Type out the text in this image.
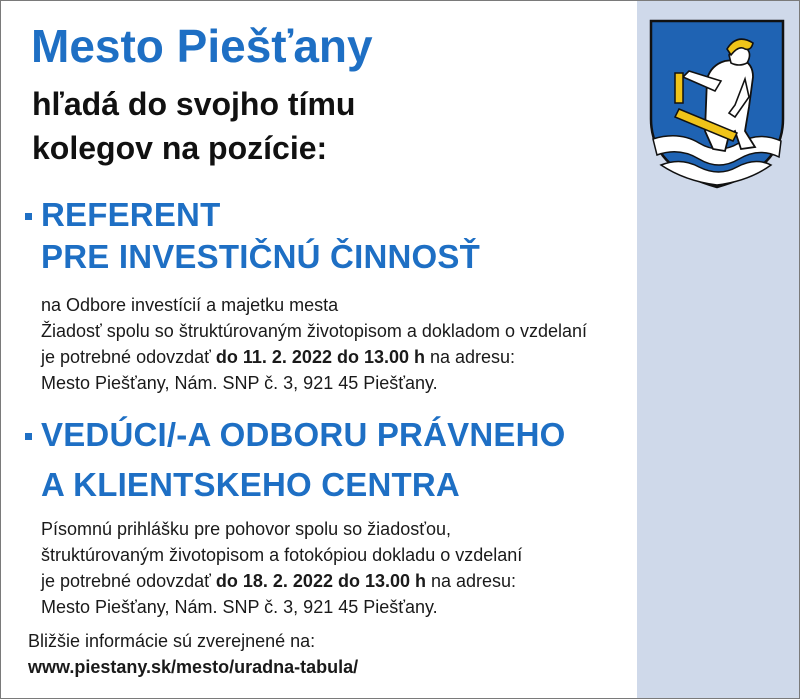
Mesto Piešťany

hľadá do svojho tímu

kolegov na pozície:

REFERENT

PRE INVESTIČNÚ ČINNOSŤ

na Odbore investícií a majetku mesta

Žiadosť spolu so štruktúrovaným životopisom a dokladom o vzdelaní

je potrebné odovzdať do 11. 2. 2022 do 13.00 h na adresu:

Mesto Piešťany, Nám. SNP č. 3, 921 45 Piešťany.

VEDÚCI/-A ODBORU PRÁVNEHO

A KLIENTSKEHO CENTRA

Písomnú prihlášku pre pohovor spolu so žiadosťou,

štruktúrovaným životopisom a fotokópiou dokladu o vzdelaní

je potrebné odovzdať do 18. 2. 2022 do 13.00 h na adresu:

Mesto Piešťany, Nám. SNP č. 3, 921 45 Piešťany.

Bližšie informácie sú zverejnené na:
www.piestany.sk/mesto/uradna-tabula/
